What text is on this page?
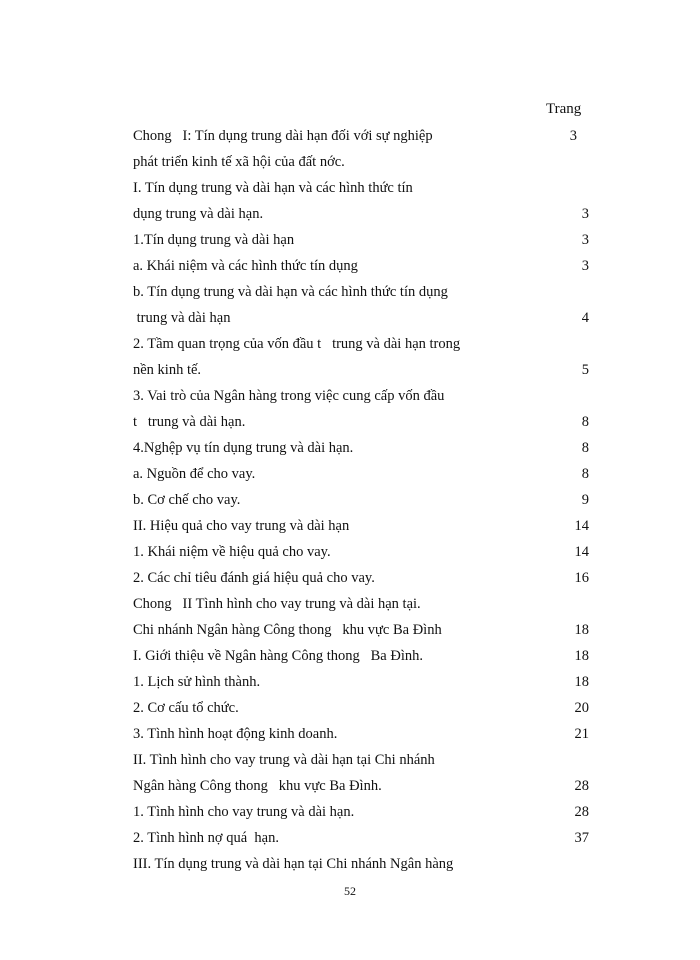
Trang
Chong   I: Tín dụng trung dài hạn đối với sự nghiệp	3
phát triển kinh tế xã hội của đất nớc.
I. Tín dụng trung và dài hạn và các hình thức tín
dụng trung và dài hạn.	3
1.Tín dụng trung và dài hạn	3
a. Khái niệm và các hình thức tín dụng	3
b. Tín dụng trung và dài hạn và các hình thức tín dụng
trung và dài hạn	4
2. Tầm quan trọng của vốn đầu t   trung và dài hạn trong
nền kinh tế.	5
3. Vai trò của Ngân hàng trong việc cung cấp vốn đầu
t   trung và dài hạn.	8
4.Nghệp vụ tín dụng trung và dài hạn.	8
a. Nguồn để cho vay.	8
b. Cơ chế cho vay.	9
II. Hiệu quả cho vay trung và dài hạn	14
1. Khái niệm về hiệu quả cho vay.	14
2. Các chỉ tiêu đánh giá hiệu quả cho vay.	16
Chong   II Tình hình cho vay trung và dài hạn tại.
Chi nhánh Ngân hàng Công thong   khu vực Ba Đình	18
I. Giới thiệu về Ngân hàng Công thong   Ba Đình.	18
1. Lịch sử hình thành.	18
2. Cơ cấu tổ chức.	20
3. Tình hình hoạt động kinh doanh.	21
II. Tình hình cho vay trung và dài hạn tại Chi nhánh
Ngân hàng Công thong   khu vực Ba Đình.	28
1. Tình hình cho vay trung và dài hạn.	28
2. Tình hình nợ quá  hạn.	37
III. Tín dụng trung và dài hạn tại Chi nhánh Ngân hàng
52
